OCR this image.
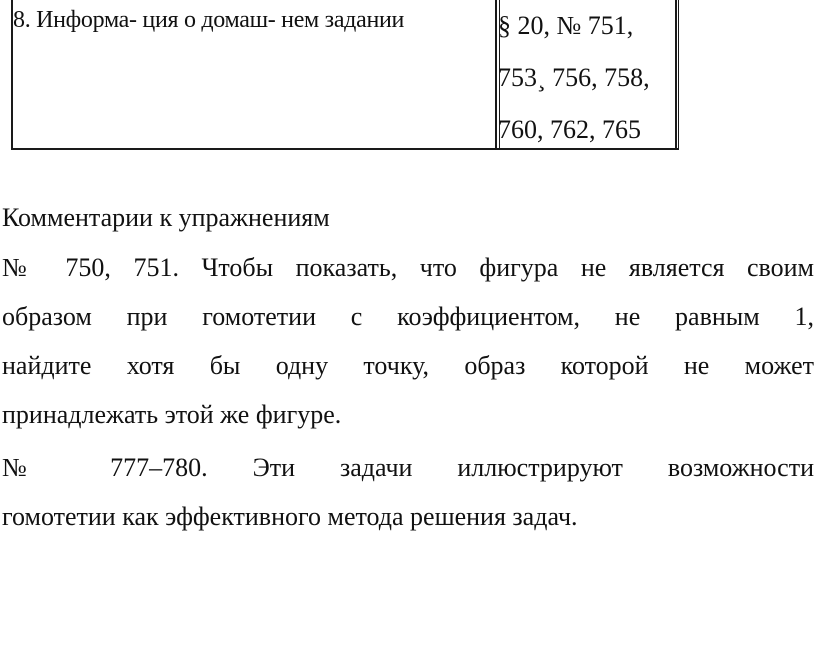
8. Информа- ция о домаш- нем задании	§ 20, № 751,
753¸ 756, 758,
760, 762, 765
Комментарии к упражнениям
№ 750, 751. Чтобы показать, что фигура не является своим
образом при гомотетии с коэффициентом, не равным 1,
найдите хотя бы одну точку, образ которой не может
принадлежать этой же фигуре.
№ 777–780. Эти задачи иллюстрируют возможности
гомотетии как эффективного метода решения задач.
